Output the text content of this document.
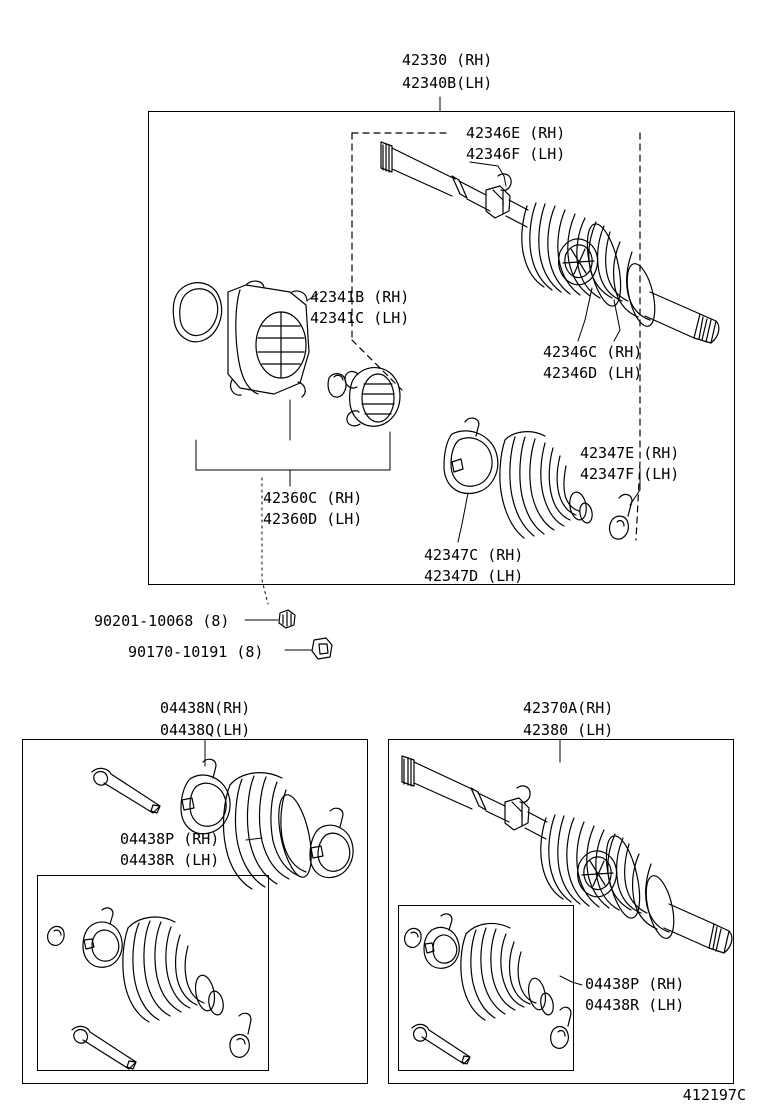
42330 (RH)
42340B(LH)
42346E (RH)
42346F (LH)
42341B (RH)
42341C (LH)
42346C (RH)
42346D (LH)
42360C (RH)
42360D (LH)
42347E (RH)
42347F (LH)
42347C (RH)
42347D (LH)
90201-10068 (8)
90170-10191 (8)
04438N(RH)
04438Q(LH)
04438P (RH)
04438R (LH)
42370A(RH)
42380 (LH)
04438P (RH)
04438R (LH)
412197C
